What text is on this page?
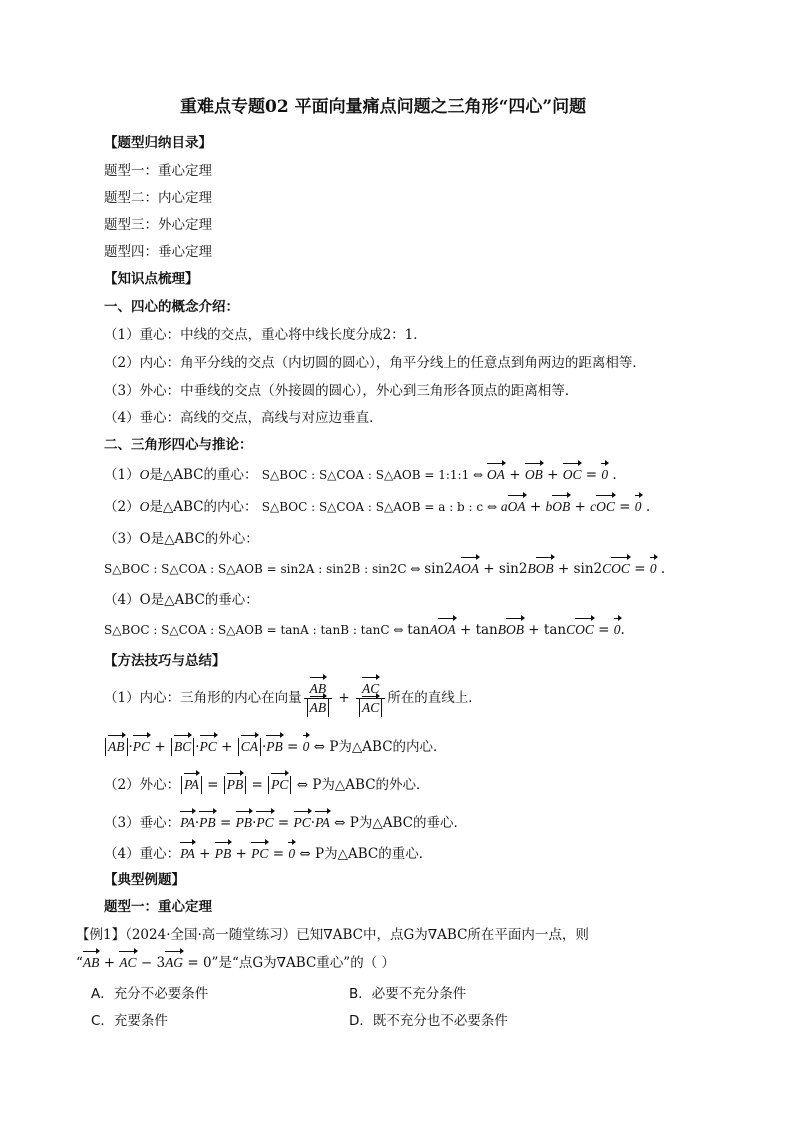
重难点专题02 平面向量痛点问题之三角形“四心”问题
【题型归纳目录】
题型一：重心定理
题型二：内心定理
题型三：外心定理
题型四：垂心定理
【知识点梳理】
一、四心的概念介绍：
（1）重心：中线的交点，重心将中线长度分成2：1．
（2）内心：角平分线的交点（内切圆的圆心），角平分线上的任意点到角两边的距离相等．
（3）外心：中垂线的交点（外接圆的圆心），外心到三角形各顶点的距离相等．
（4）垂心：高线的交点，高线与对应边垂直．
二、三角形四心与推论：
（1）O是△ABC的重心： S△BOC : S△COA : S△AOB = 1:1:1 ⇔ OA + OB + OC = 0 .
（2）O是△ABC的内心： S△BOC : S△COA : S△AOB = a : b : c ⇔ aOA + bOB + cOC = 0 .
（3）O是△ABC的外心：
S△BOC : S△COA : S△AOB = sin2A : sin2B : sin2C ⇔ sin2AOA + sin2BOB + sin2COC = 0 .
（4）O是△ABC的垂心：
S△BOC : S△COA : S△AOB = tanA : tanB : tanC ⇔ tanAOA + tanBOB + tanCOC = 0.
【方法技巧与总结】
（1）内心：三角形的内心在向量 $\frac{AB}{AB} + \frac{AC}{AC}$ 所在的直线上．
AB ·PC + BC ·PC + CA ·PB = 0 ⇔ P为△ABC的内心．
（2）外心： PA = PB = PC ⇔ P为△ABC的外心．
（3）垂心：PA·PB = PB·PC = PC·PA ⇔ P为△ABC的垂心．
（4）重心：PA + PB + PC = 0 ⇔ P为△ABC的重心．
【典型例题】
题型一：重心定理
【例1】（2024·全国·高一随堂练习）已知∇ABC中，点G为∇ABC所在平面内一点，则
“AB + AC − 3AG = 0”是“点G为∇ABC重心”的（ ）
A．充分不必要条件	B．必要不充分条件
C．充要条件	D．既不充分也不必要条件
